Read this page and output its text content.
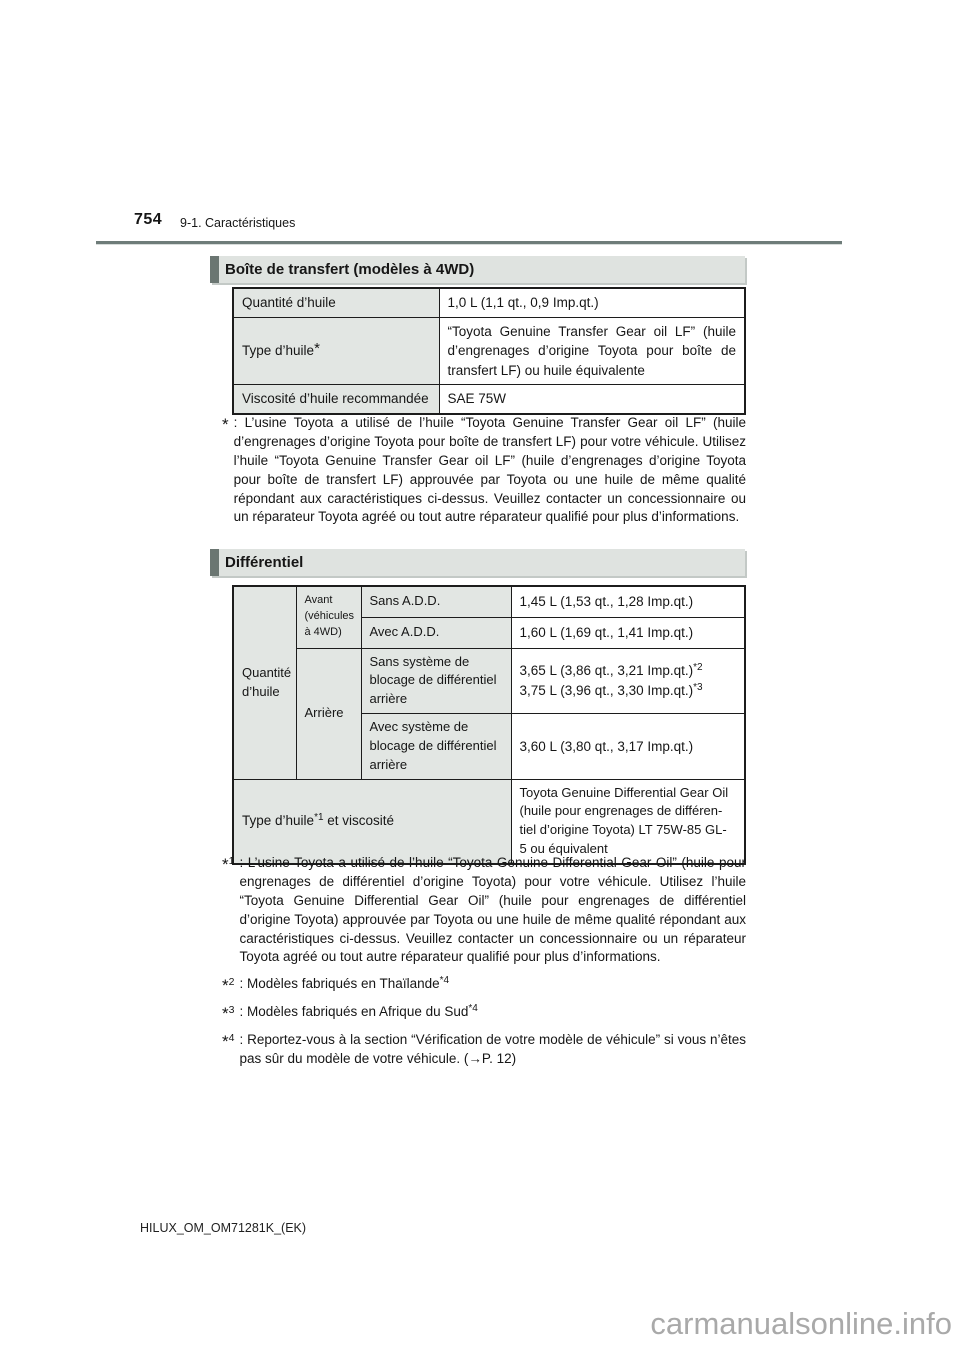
754 9-1. Caractéristiques
Boîte de transfert (modèles à 4WD)
Quantité d’huile	1,0 L (1,1 qt., 0,9 Imp.qt.)
Type d’huile*	“Toyota Genuine Transfer Gear oil LF” (huile d’engrenages d’origine Toyota pour boîte de transfert LF) ou huile équivalente
Viscosité d’huile recommandée	SAE 75W
* : L’usine Toyota a utilisé de l’huile “Toyota Genuine Transfer Gear oil LF” (huile d’engrenages d’origine Toyota pour boîte de transfert LF) pour votre véhicule. Utilisez l’huile “Toyota Genuine Transfer Gear oil LF” (huile d’engrenages d’origine Toyota pour boîte de transfert LF) approuvée par Toyota ou une huile de même qualité répondant aux caractéristiques ci-dessus. Veuillez contacter un concessionnaire ou un réparateur Toyota agréé ou tout autre réparateur qualifié pour plus d’informations.
Différentiel
Quantité d’huile	Avant (véhicules à 4WD)	Sans A.D.D.	1,45 L (1,53 qt., 1,28 Imp.qt.)
		Avec A.D.D.	1,60 L (1,69 qt., 1,41 Imp.qt.)
	Arrière	Sans système de blocage de différentiel arrière	3,65 L (3,86 qt., 3,21 Imp.qt.)$^{*2}$
3,75 L (3,96 qt., 3,30 Imp.qt.)$^{*3}$

		Avec système de blocage de différentiel arrière	3,60 L (3,80 qt., 3,17 Imp.qt.)
Type d’huile$^{*1}$ et viscosité			Toyota Genuine Differential Gear Oil
(huile pour engrenages de différen-
tiel d’origine Toyota) LT 75W-85 GL-
5 ou équivalent
*$^1$ : L’usine Toyota a utilisé de l’huile “Toyota Genuine Differential Gear Oil” (huile pour engrenages de différentiel d’origine Toyota) pour votre véhicule. Utilisez l’huile “Toyota Genuine Differential Gear Oil” (huile pour engrenages de différentiel d’origine Toyota) approuvée par Toyota ou une huile de même qualité répondant aux caractéristiques ci-dessus. Veuillez contacter un concessionnaire ou un réparateur Toyota agréé ou tout autre réparateur qualifié pour plus d’informations.
*$^2$ : Modèles fabriqués en Thaïlande$^{*4}$
*$^3$ : Modèles fabriqués en Afrique du Sud$^{*4}$
*$^4$ : Reportez-vous à la section “Vérification de votre modèle de véhicule” si vous n’êtes pas sûr du modèle de votre véhicule. (→P. 12)
HILUX_OM_OM71281K_(EK)
carmanualsonline.info
